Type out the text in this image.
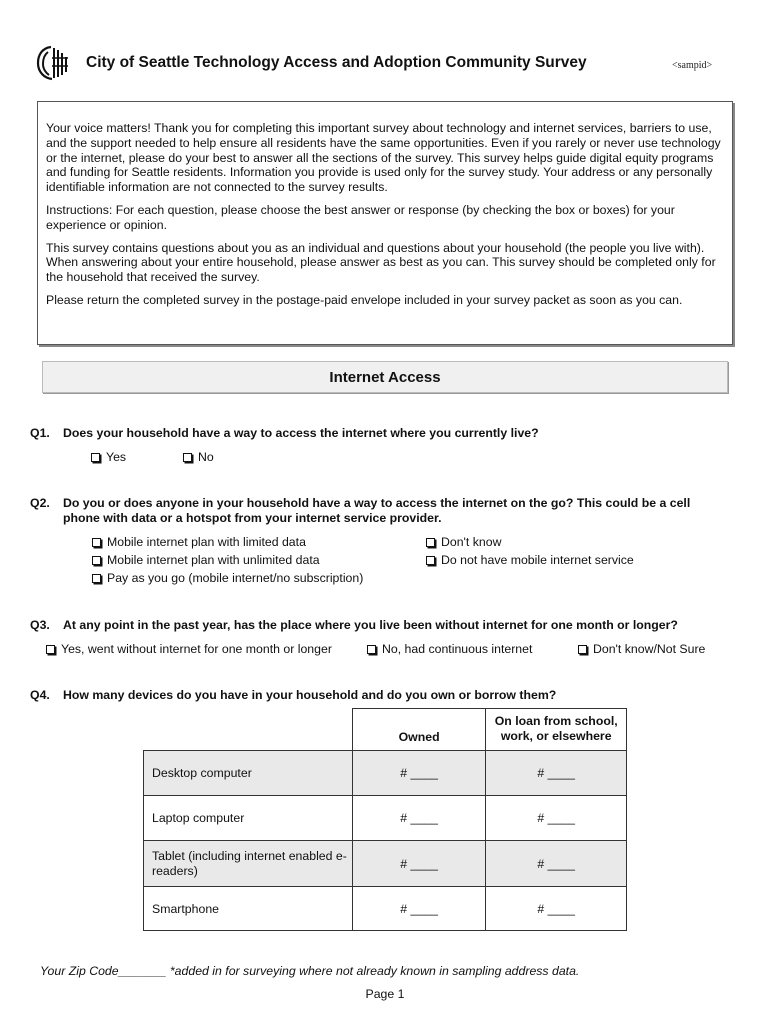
City of Seattle Technology Access and Adoption Community Survey	<sampid>

Your voice matters! Thank you for completing this important survey about technology and internet services, barriers to use, and the support needed to help ensure all residents have the same opportunities. Even if you rarely or never use technology or the internet, please do your best to answer all the sections of the survey. This survey helps guide digital equity programs and funding for Seattle residents. Information you provide is used only for the survey study. Your address or any personally identifiable information are not connected to the survey results.

Instructions: For each question, please choose the best answer or response (by checking the box or boxes) for your experience or opinion.

This survey contains questions about you as an individual and questions about your household (the people you live with). When answering about your entire household, please answer as best as you can. This survey should be completed only for the household that received the survey.

Please return the completed survey in the postage-paid envelope included in your survey packet as soon as you can.

Internet Access
Q1. Does your household have a way to access the internet where you currently live?
Yes	No
Q2. Do you or does anyone in your household have a way to access the internet on the go? This could be a cell phone with data or a hotspot from your internet service provider.
Mobile internet plan with limited data
Mobile internet plan with unlimited data
Pay as you go (mobile internet/no subscription)
Don't know
Do not have mobile internet service
Q3. At any point in the past year, has the place where you live been without internet for one month or longer?
Yes, went without internet for one month or longer	No, had continuous internet	Don't know/Not Sure
Q4. How many devices do you have in your household and do you own or borrow them?
	Owned	On loan from school, work, or elsewhere
Desktop computer	# ____	# ____
Laptop computer	# ____	# ____
Tablet (including internet enabled e-readers)	# ____	# ____
Smartphone	# ____	# ____
Your Zip Code_______ *added in for surveying where not already known in sampling address data.
Page 1
